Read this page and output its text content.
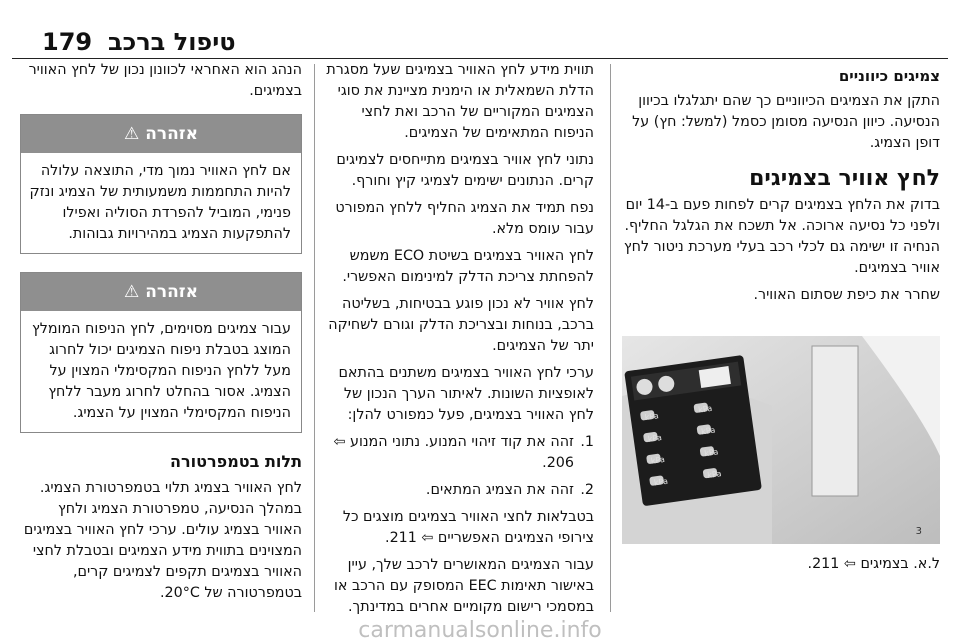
179 טיפול ברכב
צמיגים כיווניים

התקן את הצמיגים הכיווניים כך שהם יתגלגלו בכיוון הנסיעה. כיוון הנסיעה מסומן כסמל (למשל: חץ) על דופן הצמיג.

לחץ אוויר בצמיגים

בדוק את הלחץ בצמיגים קרים לפחות פעם ב-14 יום ולפני כל נסיעה ארוכה. אל תשכח את הגלגל החליף. הנחיה זו ישימה גם לכלי רכב בעלי מערכת ניטור לחץ אוויר בצמיגים.

שחרר את כיפת שסתום האוויר.

kPa
kPa
kPa
kPa
kPa
kPa
kPa
kPa
3
ל.א. בצמיגים ⇦ 211.

תווית מידע לחץ האוויר בצמיגים שעל מסגרת הדלת השמאלית או הימנית מציינת את סוגי הצמיגים המקוריים של הרכב ואת לחצי הניפוח המתאימים של הצמיגים.

נתוני לחץ אוויר בצמיגים מתייחסים לצמיגים קרים. הנתונים ישימים לצמיגי קיץ וחורף.

נפח תמיד את הצמיג החליף ללחץ המפורט עבור עומס מלא.

לחץ האוויר בצמיגים בשיטת ECO משמש להפחתת צריכת הדלק למינימום האפשרי.

לחץ אוויר לא נכון פוגע בבטיחות, בשליטה ברכב, בנוחות ובצריכת הדלק וגורם לשחיקה יתר של הצמיגים.

ערכי לחץ האוויר בצמיגים משתנים בהתאם לאופציות השונות. לאיתור הערך הנכון של לחץ האוויר בצמיגים, פעל כמפורט להלן:

1.
זהה את קוד זיהוי המנוע. נתוני המנוע ⇦ 206.
2.
זהה את הצמיג המתאים.

בטבלאות לחצי האוויר בצמיגים מוצגים כל צירופי הצמיגים האפשריים ⇦ 211.

עבור הצמיגים המאושרים לרכב שלך, עיין באישור תאימות EEC המסופק עם הרכב או במסמכי רישום מקומיים אחרים במדינתך.

הנהג הוא האחראי לכוונון נכון של לחץ האוויר בצמיגים.

אזהרה ⚠
אם לחץ האוויר נמוך מדי, התוצאה עלולה להיות התחממות משמעותית של הצמיג ונזק פנימי, המוביל להפרדת הסוליה ואפילו להתפקעות הצמיג במהירויות גבוהות.
אזהרה ⚠
עבור צמיגים מסוימים, לחץ הניפוח המומלץ המוצג בטבלת ניפוח הצמיגים יכול לחרוג מעל ללחץ הניפוח המקסימלי המצוין על הצמיג. אסור בהחלט לחרוג מעבר ללחץ הניפוח המקסימלי המצוין על הצמיג.
תלות בטמפרטורה

לחץ האוויר בצמיג תלוי בטמפרטורת הצמיג. במהלך הנסיעה, טמפרטורת הצמיג ולחץ האוויר בצמיג עולים. ערכי לחץ האוויר בצמיגים המצוינים בתווית מידע הצמיגים ובטבלת לחצי האוויר בצמיגים תקפים לצמיגים קרים, בטמפרטורה של 20°C.

carmanualsonline.info
